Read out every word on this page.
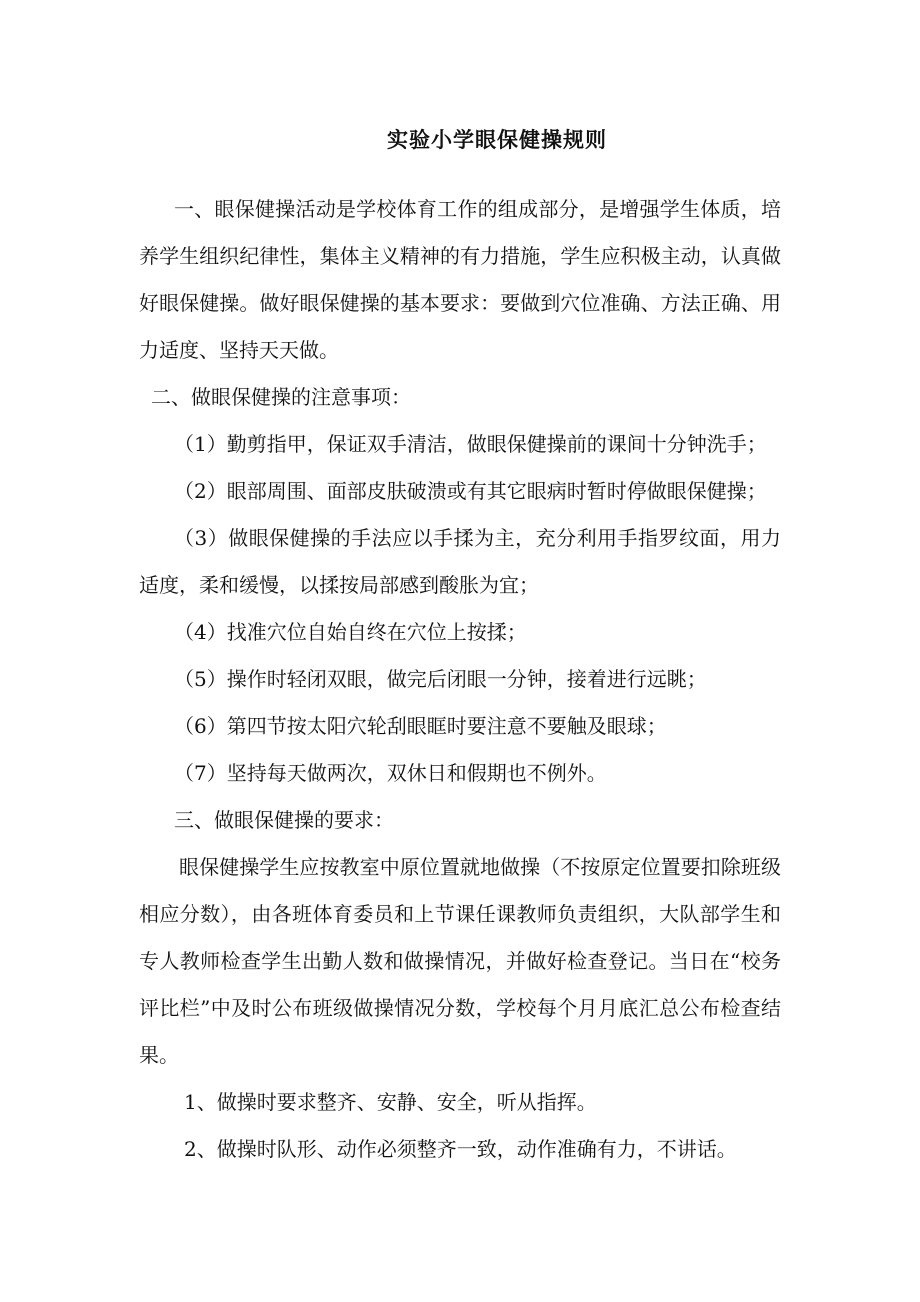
实验小学眼保健操规则

一、眼保健操活动是学校体育工作的组成部分，是增强学生体质，培养学生组织纪律性，集体主义精神的有力措施，学生应积极主动，认真做好眼保健操。做好眼保健操的基本要求：要做到穴位准确、方法正确、用力适度、坚持天天做。

二、做眼保健操的注意事项：

（1）勤剪指甲，保证双手清洁，做眼保健操前的课间十分钟洗手；

（2）眼部周围、面部皮肤破溃或有其它眼病时暂时停做眼保健操；

（3）做眼保健操的手法应以手揉为主，充分利用手指罗纹面，用力适度，柔和缓慢，以揉按局部感到酸胀为宜；

（4）找准穴位自始自终在穴位上按揉；

（5）操作时轻闭双眼，做完后闭眼一分钟，接着进行远眺；

（6）第四节按太阳穴轮刮眼眶时要注意不要触及眼球；

（7）坚持每天做两次，双休日和假期也不例外。

三、做眼保健操的要求：

眼保健操学生应按教室中原位置就地做操（不按原定位置要扣除班级相应分数），由各班体育委员和上节课任课教师负责组织，大队部学生和专人教师检查学生出勤人数和做操情况，并做好检查登记。当日在“校务评比栏”中及时公布班级做操情况分数，学校每个月月底汇总公布检查结果。

1、做操时要求整齐、安静、安全，听从指挥。

2、做操时队形、动作必须整齐一致，动作准确有力，不讲话。
